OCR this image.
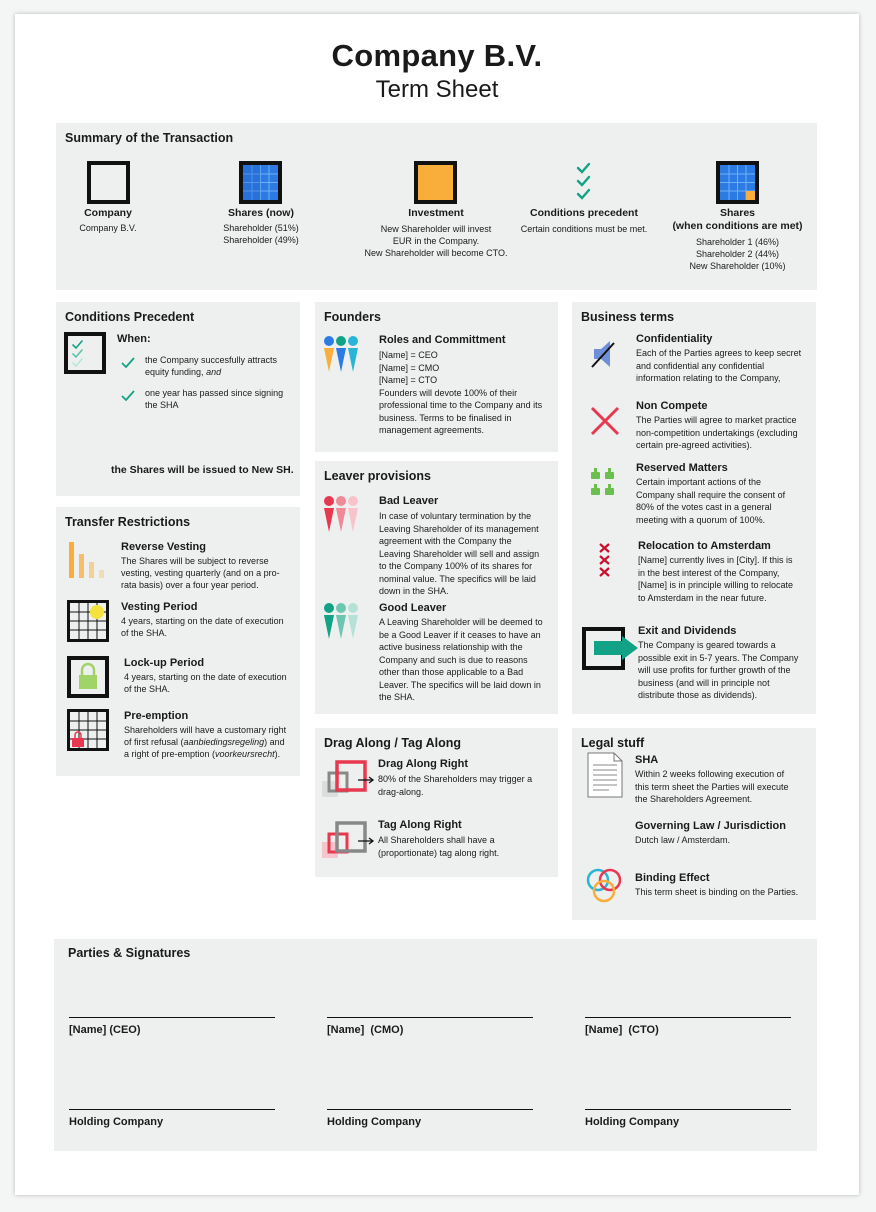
Company B.V.
Term Sheet
Summary of the Transaction
Company
Company B.V.
Shares (now)
Shareholder (51%)
Shareholder (49%)
Investment
New Shareholder will invest
EUR in the Company.
New Shareholder will become CTO.
Conditions precedent
Certain conditions must be met.
Shares
(when conditions are met)
Shareholder 1 (46%)
Shareholder 2 (44%)
New Shareholder (10%)
Conditions Precedent
When:
the Company succesfully attracts
equity funding, and
one year has passed since signing
the SHA
the Shares will be issued to New SH.
Transfer Restrictions
Reverse Vesting
The Shares will be subject to reverse
vesting, vesting quarterly (and on a pro-
rata basis) over a four year period.
Vesting Period
4 years, starting on the date of execution
of the SHA.
Lock-up Period
4 years, starting on the date of execution
of the SHA.
Pre-emption
Shareholders will have a customary right
of first refusal (aanbiedingsregeling) and
a right of pre-emption (voorkeursrecht).
Founders
Roles and Committment
[Name] = CEO
[Name] = CMO
[Name] = CTO
Founders will devote 100% of their
professional time to the Company and its
business. Terms to be finalised in
management agreements.
Leaver provisions
Bad Leaver
In case of voluntary termination by the
Leaving Shareholder of its management
agreement with the Company the
Leaving Shareholder will sell and assign
to the Company 100% of its shares for
nominal value. The specifics will be laid
down in the SHA.
Good Leaver
A Leaving Shareholder will be deemed to
be a Good Leaver if it ceases to have an
active business relationship with the
Company and such is due to reasons
other than those applicable to a Bad
Leaver. The specifics will be laid down in
the SHA.
Drag Along / Tag Along
Drag Along Right
80% of the Shareholders may trigger a
drag-along.
Tag Along Right
All Shareholders shall have a
(proportionate) tag along right.
Business terms
Confidentiality
Each of the Parties agrees to keep secret
and confidential any confidential
information relating to the Company,
Non Compete
The Parties will agree to market practice
non-competition undertakings (excluding
certain pre-agreed activities).
Reserved Matters
Certain important actions of the
Company shall require the consent of
80% of the votes cast in a general
meeting with a quorum of 100%.
Relocation to Amsterdam
[Name] currently lives in [City]. If this is
in the best interest of the Company,
[Name] is in principle willing to relocate
to Amsterdam in the near future.
Exit and Dividends
The Company is geared towards a
possible exit in 5-7 years. The Company
will use profits for further growth of the
business (and will in principle not
distribute those as dividends).
Legal stuff
SHA
Within 2 weeks following execution of
this term sheet the Parties will execute
the Shareholders Agreement.
Governing Law / Jurisdiction
Dutch law / Amsterdam.
Binding Effect
This term sheet is binding on the Parties.
Parties & Signatures
[Name] (CEO)	[Name]  (CMO)	[Name]  (CTO)
Holding Company	Holding Company	Holding Company
